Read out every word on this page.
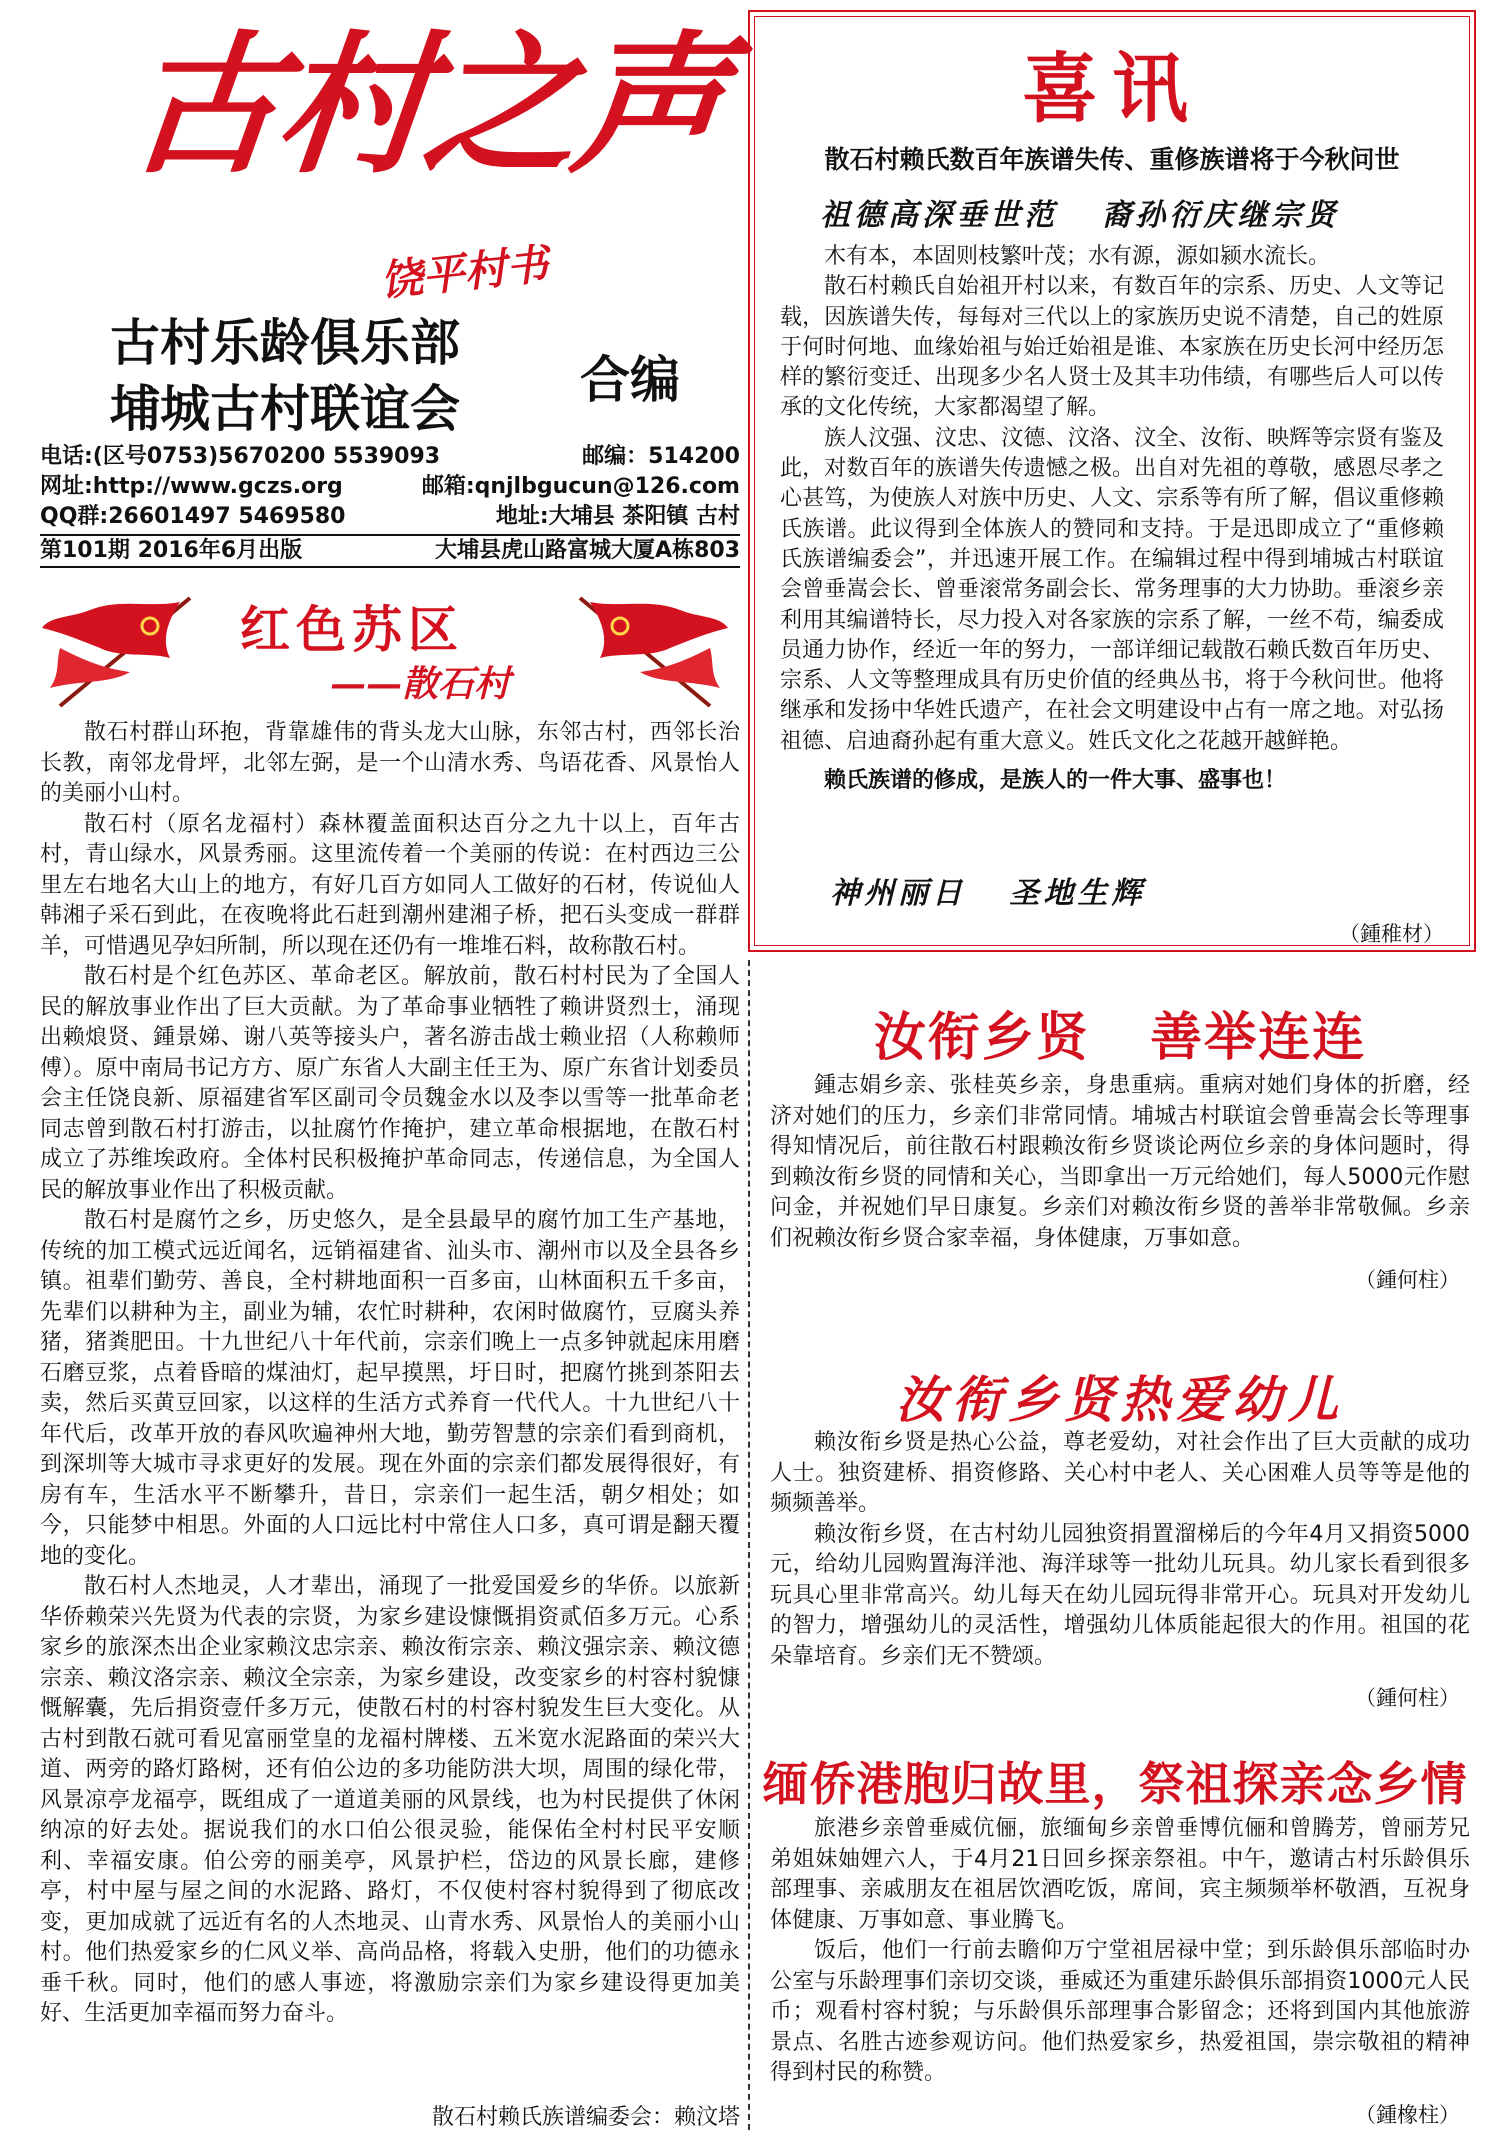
古村之声
饶平村书
古村乐龄俱乐部
埔城古村联谊会 合编
电话:(区号0753)5670200 5539093	邮编：514200
网址:http://www.gczs.org	邮箱:qnjlbgucun@126.com
QQ群:26601497 5469580	地址:大埔县 茶阳镇 古村
第101期 2016年6月出版	大埔县虎山路富城大厦A栋803
红色苏区
——散石村

散石村群山环抱，背靠雄伟的背头龙大山脉，东邻古村，西邻长治长教，南邻龙骨坪，北邻左弼，是一个山清水秀、鸟语花香、风景怡人的美丽小山村。

散石村（原名龙福村）森林覆盖面积达百分之九十以上，百年古村，青山绿水，风景秀丽。这里流传着一个美丽的传说：在村西边三公里左右地名大山上的地方，有好几百方如同人工做好的石材，传说仙人韩湘子采石到此，在夜晚将此石赶到潮州建湘子桥，把石头变成一群群羊，可惜遇见孕妇所制，所以现在还仍有一堆堆石料，故称散石村。

散石村是个红色苏区、革命老区。解放前，散石村村民为了全国人民的解放事业作出了巨大贡献。为了革命事业牺牲了赖讲贤烈士，涌现出赖烺贤、鍾景娣、谢八英等接头户，著名游击战士赖业招（人称赖师傅）。原中南局书记方方、原广东省人大副主任王为、原广东省计划委员会主任饶良新、原福建省军区副司令员魏金水以及李以雪等一批革命老同志曾到散石村打游击，以扯腐竹作掩护，建立革命根据地，在散石村成立了苏维埃政府。全体村民积极掩护革命同志，传递信息，为全国人民的解放事业作出了积极贡献。

散石村是腐竹之乡，历史悠久，是全县最早的腐竹加工生产基地，传统的加工模式远近闻名，远销福建省、汕头市、潮州市以及全县各乡镇。祖辈们勤劳、善良，全村耕地面积一百多亩，山林面积五千多亩，先辈们以耕种为主，副业为辅，农忙时耕种，农闲时做腐竹，豆腐头养猪，猪粪肥田。十九世纪八十年代前，宗亲们晚上一点多钟就起床用磨石磨豆浆，点着昏暗的煤油灯，起早摸黑，圩日时，把腐竹挑到茶阳去卖，然后买黄豆回家，以这样的生活方式养育一代代人。十九世纪八十年代后，改革开放的春风吹遍神州大地，勤劳智慧的宗亲们看到商机，到深圳等大城市寻求更好的发展。现在外面的宗亲们都发展得很好，有房有车，生活水平不断攀升，昔日，宗亲们一起生活，朝夕相处；如今，只能梦中相思。外面的人口远比村中常住人口多，真可谓是翻天覆地的变化。

散石村人杰地灵，人才辈出，涌现了一批爱国爱乡的华侨。以旅新华侨赖荣兴先贤为代表的宗贤，为家乡建设慷慨捐资贰佰多万元。心系家乡的旅深杰出企业家赖汶忠宗亲、赖汝衔宗亲、赖汶强宗亲、赖汶德宗亲、赖汶洛宗亲、赖汶全宗亲，为家乡建设，改变家乡的村容村貌慷慨解囊，先后捐资壹仟多万元，使散石村的村容村貌发生巨大变化。从古村到散石就可看见富丽堂皇的龙福村牌楼、五米宽水泥路面的荣兴大道、两旁的路灯路树，还有伯公边的多功能防洪大坝，周围的绿化带，风景凉亭龙福亭，既组成了一道道美丽的风景线，也为村民提供了休闲纳凉的好去处。据说我们的水口伯公很灵验，能保佑全村村民平安顺利、幸福安康。伯公旁的丽美亭，风景护栏，岱边的风景长廊，建修亭，村中屋与屋之间的水泥路、路灯，不仅使村容村貌得到了彻底改变，更加成就了远近有名的人杰地灵、山青水秀、风景怡人的美丽小山村。他们热爱家乡的仁风义举、高尚品格，将载入史册，他们的功德永垂千秋。同时，他们的感人事迹，将激励宗亲们为家乡建设得更加美好、生活更加幸福而努力奋斗。

散石村赖氏族谱编委会：赖汶塔
喜讯
散石村赖氏数百年族谱失传、重修族谱将于今秋问世
祖德高深垂世范   裔孙衍庆继宗贤

木有本，本固则枝繁叶茂；水有源，源如颍水流长。

散石村赖氏自始祖开村以来，有数百年的宗系、历史、人文等记载，因族谱失传，每每对三代以上的家族历史说不清楚，自己的姓原于何时何地、血缘始祖与始迁始祖是谁、本家族在历史长河中经历怎样的繁衍变迁、出现多少名人贤士及其丰功伟绩，有哪些后人可以传承的文化传统，大家都渴望了解。

族人汶强、汶忠、汶德、汶洛、汶全、汝衔、映辉等宗贤有鉴及此，对数百年的族谱失传遗憾之极。出自对先祖的尊敬，感恩尽孝之心甚笃，为使族人对族中历史、人文、宗系等有所了解，倡议重修赖氏族谱。此议得到全体族人的赞同和支持。于是迅即成立了“重修赖氏族谱编委会”，并迅速开展工作。在编辑过程中得到埔城古村联谊会曾垂嵩会长、曾垂滚常务副会长、常务理事的大力协助。垂滚乡亲利用其编谱特长，尽力投入对各家族的宗系了解，一丝不苟，编委成员通力协作，经近一年的努力，一部详细记载散石赖氏数百年历史、宗系、人文等整理成具有历史价值的经典丛书，将于今秋问世。他将继承和发扬中华姓氏遗产，在社会文明建设中占有一席之地。对弘扬祖德、启迪裔孙起有重大意义。姓氏文化之花越开越鲜艳。

赖氏族谱的修成，是族人的一件大事、盛事也！

神州丽日   圣地生辉
（鍾稚材）
汝衔乡贤   善举连连

鍾志娟乡亲、张桂英乡亲，身患重病。重病对她们身体的折磨，经济对她们的压力，乡亲们非常同情。埔城古村联谊会曾垂嵩会长等理事得知情况后，前往散石村跟赖汝衔乡贤谈论两位乡亲的身体问题时，得到赖汝衔乡贤的同情和关心，当即拿出一万元给她们，每人5000元作慰问金，并祝她们早日康复。乡亲们对赖汝衔乡贤的善举非常敬佩。乡亲们祝赖汝衔乡贤合家幸福，身体健康，万事如意。

（鍾何柱）
汝衔乡贤热爱幼儿

赖汝衔乡贤是热心公益，尊老爱幼，对社会作出了巨大贡献的成功人士。独资建桥、捐资修路、关心村中老人、关心困难人员等等是他的频频善举。

赖汝衔乡贤，在古村幼儿园独资捐置溜梯后的今年4月又捐资5000元，给幼儿园购置海洋池、海洋球等一批幼儿玩具。幼儿家长看到很多玩具心里非常高兴。幼儿每天在幼儿园玩得非常开心。玩具对开发幼儿的智力，增强幼儿的灵活性，增强幼儿体质能起很大的作用。祖国的花朵靠培育。乡亲们无不赞颂。

（鍾何柱）
缅侨港胞归故里，祭祖探亲念乡情

旅港乡亲曾垂威伉俪，旅缅甸乡亲曾垂博伉俪和曾腾芳，曾丽芳兄弟姐妹妯娌六人，于4月21日回乡探亲祭祖。中午，邀请古村乐龄俱乐部理事、亲戚朋友在祖居饮酒吃饭，席间，宾主频频举杯敬酒，互祝身体健康、万事如意、事业腾飞。

饭后，他们一行前去瞻仰万宁堂祖居禄中堂；到乐龄俱乐部临时办公室与乐龄理事们亲切交谈，垂威还为重建乐龄俱乐部捐资1000元人民币；观看村容村貌；与乐龄俱乐部理事合影留念；还将到国内其他旅游景点、名胜古迹参观访问。他们热爱家乡，热爱祖国，崇宗敬祖的精神得到村民的称赞。

（鍾橡柱）
